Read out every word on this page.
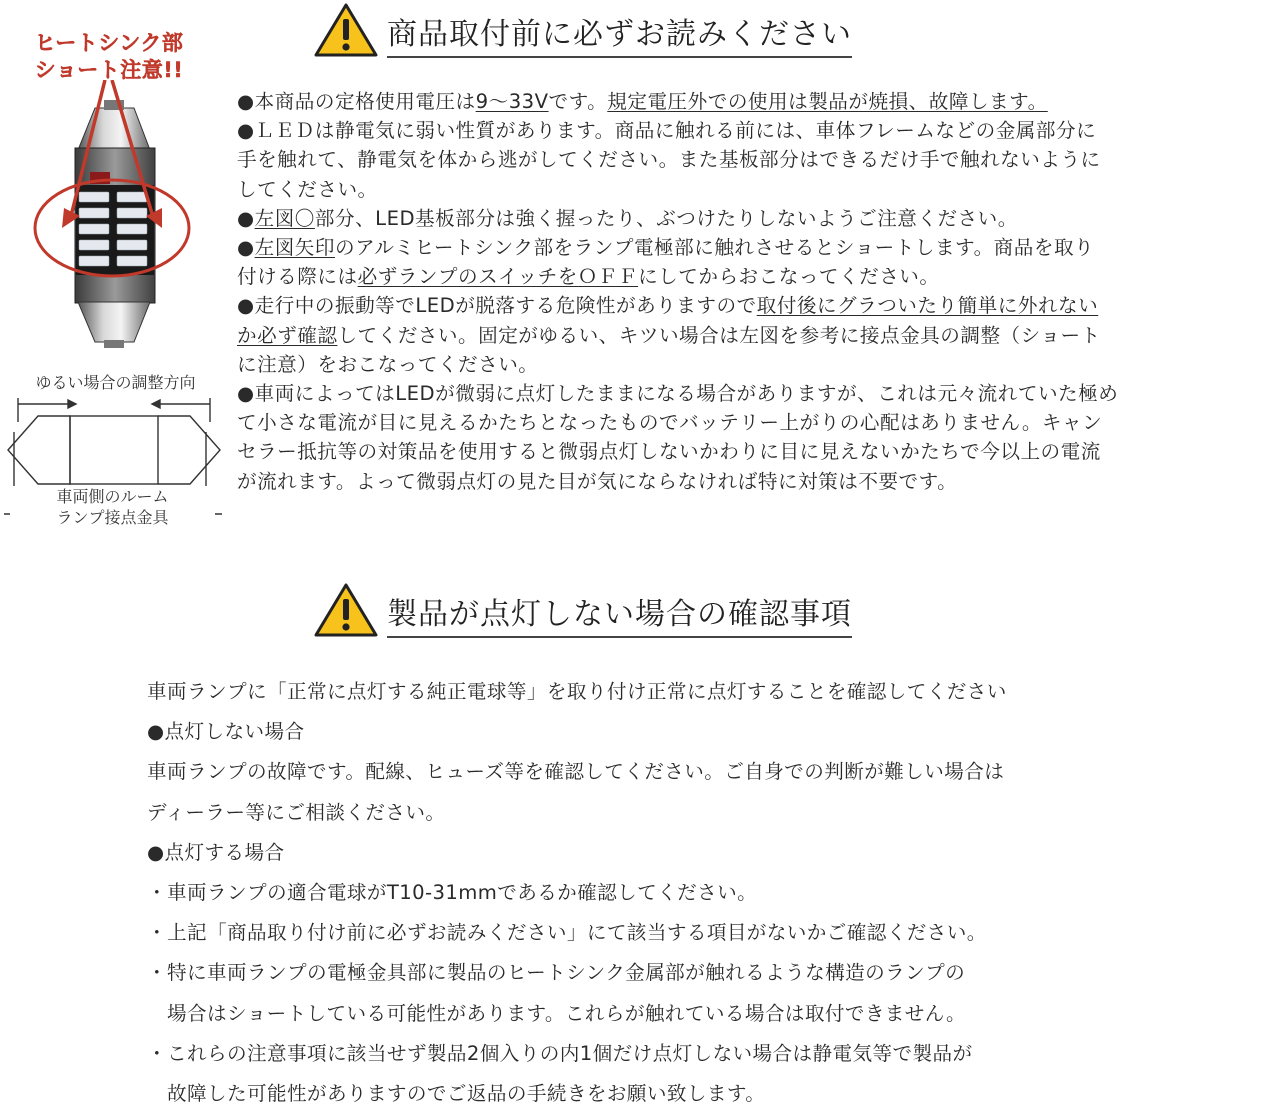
商品取付前に必ずお読みください
ヒートシンク部
ショート注意!!
ゆるい場合の調整方向
車両側のルーム
ランプ接点金具
●本商品の定格使用電圧は9～33Vです。規定電圧外での使用は製品が焼損、故障します。
●ＬＥＤは静電気に弱い性質があります。商品に触れる前には、車体フレームなどの金属部分に
手を触れて、静電気を体から逃がしてください。また基板部分はできるだけ手で触れないように
してください。
●左図〇部分、LED基板部分は強く握ったり、ぶつけたりしないようご注意ください。
●左図矢印のアルミヒートシンク部をランプ電極部に触れさせるとショートします。商品を取り
付ける際には必ずランプのスイッチをＯＦＦにしてからおこなってください。
●走行中の振動等でLEDが脱落する危険性がありますので取付後にグラついたり簡単に外れない
か必ず確認してください。固定がゆるい、キツい場合は左図を参考に接点金具の調整（ショート
に注意）をおこなってください。
●車両によってはLEDが微弱に点灯したままになる場合がありますが、これは元々流れていた極め
て小さな電流が目に見えるかたちとなったものでバッテリー上がりの心配はありません。キャン
セラー抵抗等の対策品を使用すると微弱点灯しないかわりに目に見えないかたちで今以上の電流
が流れます。よって微弱点灯の見た目が気にならなければ特に対策は不要です。
製品が点灯しない場合の確認事項
車両ランプに「正常に点灯する純正電球等」を取り付け正常に点灯することを確認してください
●点灯しない場合
車両ランプの故障です。配線、ヒューズ等を確認してください。ご自身での判断が難しい場合は
ディーラー等にご相談ください。
●点灯する場合
・車両ランプの適合電球がT10-31mmであるか確認してください。
・上記「商品取り付け前に必ずお読みください」にて該当する項目がないかご確認ください。
・特に車両ランプの電極金具部に製品のヒートシンク金属部が触れるような構造のランプの
　場合はショートしている可能性があります。これらが触れている場合は取付できません。
・これらの注意事項に該当せず製品2個入りの内1個だけ点灯しない場合は静電気等で製品が
　故障した可能性がありますのでご返品の手続きをお願い致します。
